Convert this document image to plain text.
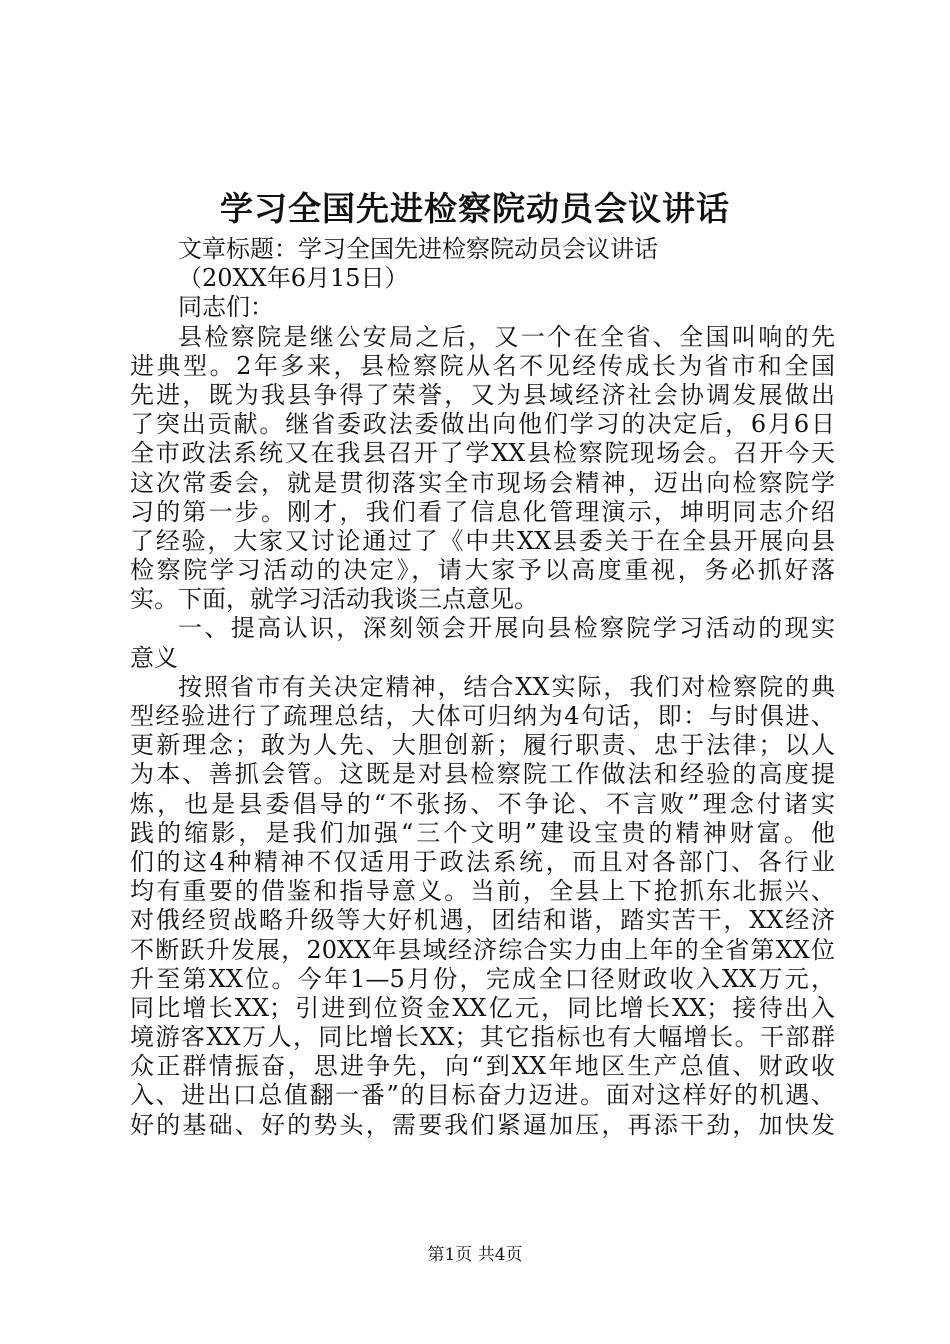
学习全国先进检察院动员会议讲话
文章标题：学习全国先进检察院动员会议讲话
（20XX年6月15日）
同志们：
县检察院是继公安局之后，又一个在全省、全国叫响的先
进典型。2年多来，县检察院从名不见经传成长为省市和全国
先进，既为我县争得了荣誉，又为县域经济社会协调发展做出
了突出贡献。继省委政法委做出向他们学习的决定后，6月6日
全市政法系统又在我县召开了学XX县检察院现场会。召开今天
这次常委会，就是贯彻落实全市现场会精神，迈出向检察院学
习的第一步。刚才，我们看了信息化管理演示，坤明同志介绍
了经验，大家又讨论通过了《中共XX县委关于在全县开展向县
检察院学习活动的决定》，请大家予以高度重视，务必抓好落
实。下面，就学习活动我谈三点意见。
一、提高认识，深刻领会开展向县检察院学习活动的现实
意义
按照省市有关决定精神，结合XX实际，我们对检察院的典
型经验进行了疏理总结，大体可归纳为4句话，即：与时俱进、
更新理念；敢为人先、大胆创新；履行职责、忠于法律；以人
为本、善抓会管。这既是对县检察院工作做法和经验的高度提
炼，也是县委倡导的“不张扬、不争论、不言败”理念付诸实
践的缩影，是我们加强“三个文明”建设宝贵的精神财富。他
们的这4种精神不仅适用于政法系统，而且对各部门、各行业
均有重要的借鉴和指导意义。当前，全县上下抢抓东北振兴、
对俄经贸战略升级等大好机遇，团结和谐，踏实苦干，XX经济
不断跃升发展，20XX年县域经济综合实力由上年的全省第XX位
升至第XX位。今年1—5月份，完成全口径财政收入XX万元，
同比增长XX；引进到位资金XX亿元，同比增长XX；接待出入
境游客XX万人，同比增长XX；其它指标也有大幅增长。干部群
众正群情振奋，思进争先，向“到XX年地区生产总值、财政收
入、进出口总值翻一番”的目标奋力迈进。面对这样好的机遇、
好的基础、好的势头，需要我们紧逼加压，再添干劲，加快发
第1页 共4页
